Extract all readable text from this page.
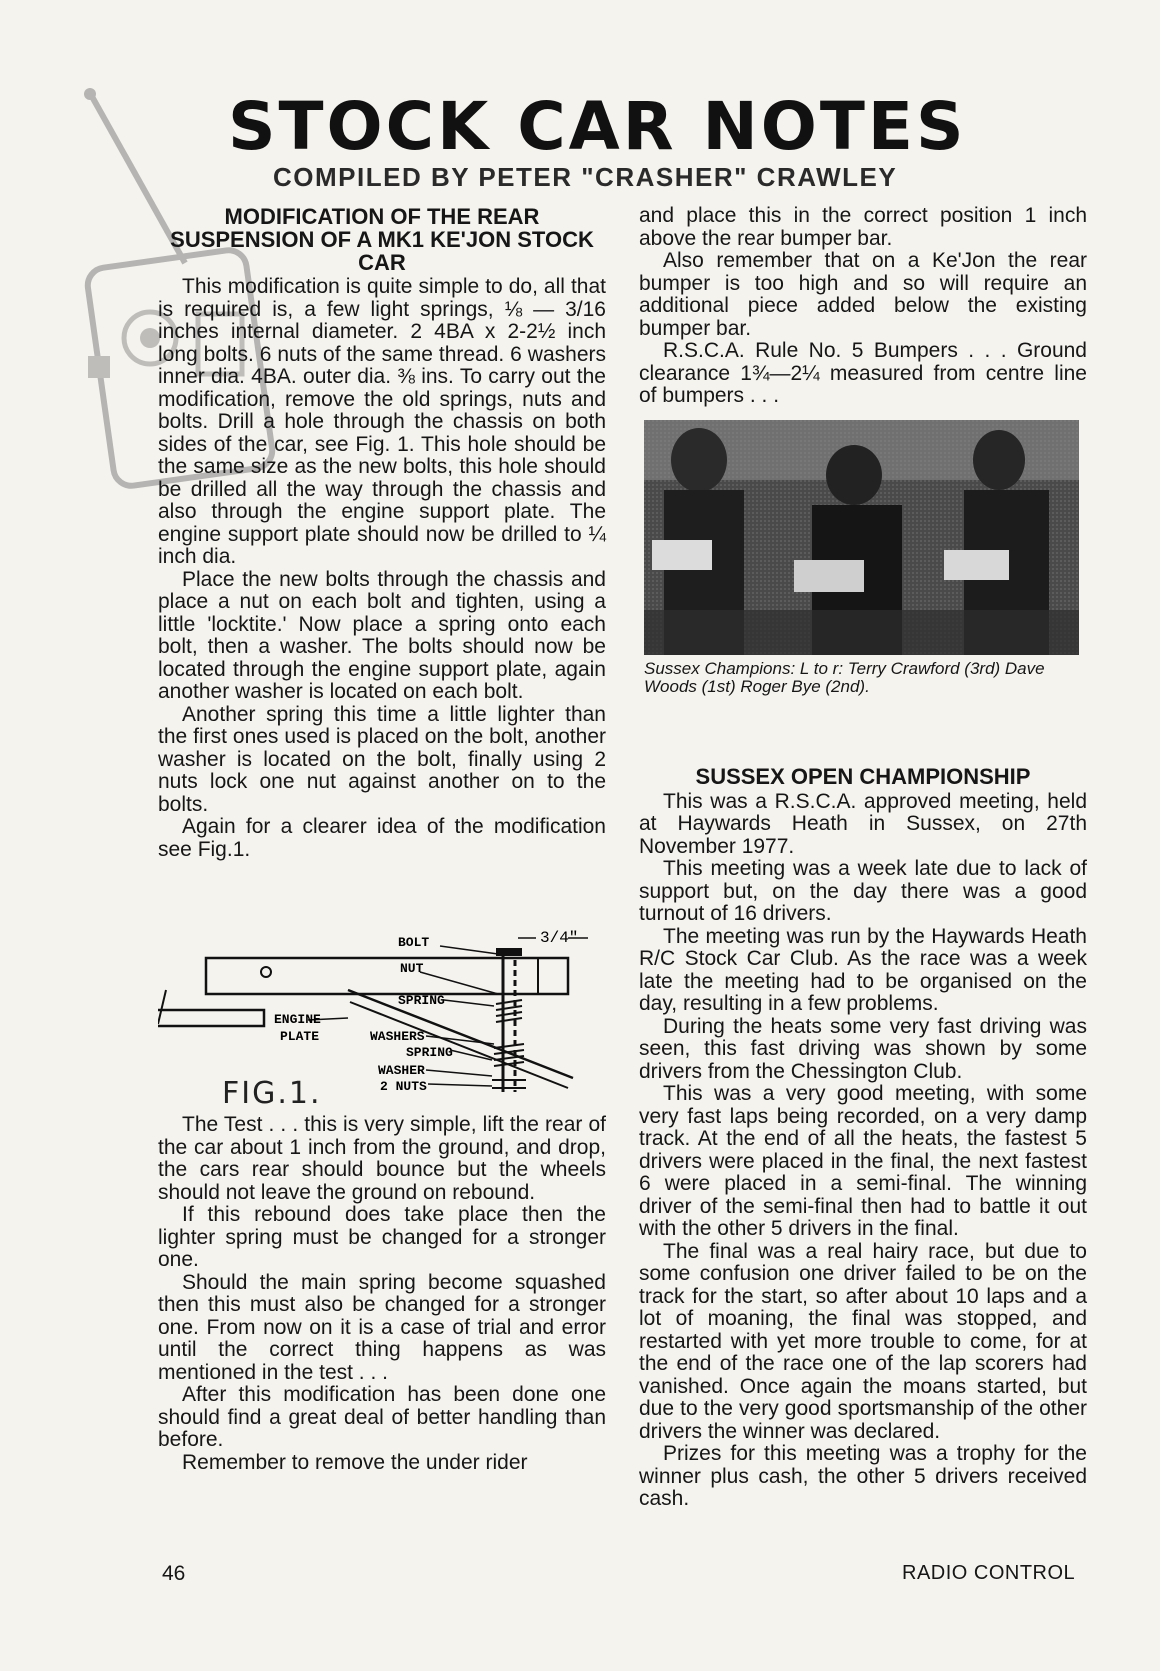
STOCK CAR NOTES
COMPILED BY PETER "CRASHER" CRAWLEY
MODIFICATION OF THE REAR SUSPENSION OF A MK1 KE'JON STOCK CAR

This modification is quite simple to do, all that is required is, a few light springs, ⅛ — 3/16 inches internal diameter. 2 4BA x 2-2½ inch long bolts. 6 nuts of the same thread. 6 washers inner dia. 4BA. outer dia. ⅜ ins. To carry out the modification, remove the old springs, nuts and bolts. Drill a hole through the chassis on both sides of the car, see Fig. 1. This hole should be the same size as the new bolts, this hole should be drilled all the way through the chassis and also through the engine support plate. The engine support plate should now be drilled to ¼ inch dia.

Place the new bolts through the chassis and place a nut on each bolt and tighten, using a little 'locktite.' Now place a spring onto each bolt, then a washer. The bolts should now be located through the engine support plate, again another washer is located on each bolt.

Another spring this time a little lighter than the first ones used is placed on the bolt, another washer is located on the bolt, finally using 2 nuts lock one nut against another on to the bolts.

Again for a clearer idea of the modification see Fig.1.

BOLT	3/4"
NUT
SPRING
ENGINE
PLATE	WASHERS
SPRING
WASHER
2 NUTS
FIG.1.

The Test . . . this is very simple, lift the rear of the car about 1 inch from the ground, and drop, the cars rear should bounce but the wheels should not leave the ground on rebound.

If this rebound does take place then the lighter spring must be changed for a stronger one.

Should the main spring become squashed then this must also be changed for a stronger one. From now on it is a case of trial and error until the correct thing happens as was mentioned in the test . . .

After this modification has been done one should find a great deal of better handling than before.

Remember to remove the under rider

and place this in the correct position 1 inch above the rear bumper bar.

Also remember that on a Ke'Jon the rear bumper is too high and so will require an additional piece added below the existing bumper bar.

R.S.C.A. Rule No. 5 Bumpers . . . Ground clearance 1¾—2¼ measured from centre line of bumpers . . .

Sussex Champions: L to r: Terry Crawford (3rd) Dave Woods (1st) Roger Bye (2nd).
SUSSEX OPEN CHAMPIONSHIP

This was a R.S.C.A. approved meeting, held at Haywards Heath in Sussex, on 27th November 1977.

This meeting was a week late due to lack of support but, on the day there was a good turnout of 16 drivers.

The meeting was run by the Haywards Heath R/C Stock Car Club. As the race was a week late the meeting had to be organised on the day, resulting in a few problems.

During the heats some very fast driving was seen, this fast driving was shown by some drivers from the Chessington Club.

This was a very good meeting, with some very fast laps being recorded, on a very damp track. At the end of all the heats, the fastest 5 drivers were placed in the final, the next fastest 6 were placed in a semi-final. The winning driver of the semi-final then had to battle it out with the other 5 drivers in the final.

The final was a real hairy race, but due to some confusion one driver failed to be on the track for the start, so after about 10 laps and a lot of moaning, the final was stopped, and restarted with yet more trouble to come, for at the end of the race one of the lap scorers had vanished. Once again the moans started, but due to the very good sportsmanship of the other drivers the winner was declared.

Prizes for this meeting was a trophy for the winner plus cash, the other 5 drivers received cash.

46	RADIO CONTROL
